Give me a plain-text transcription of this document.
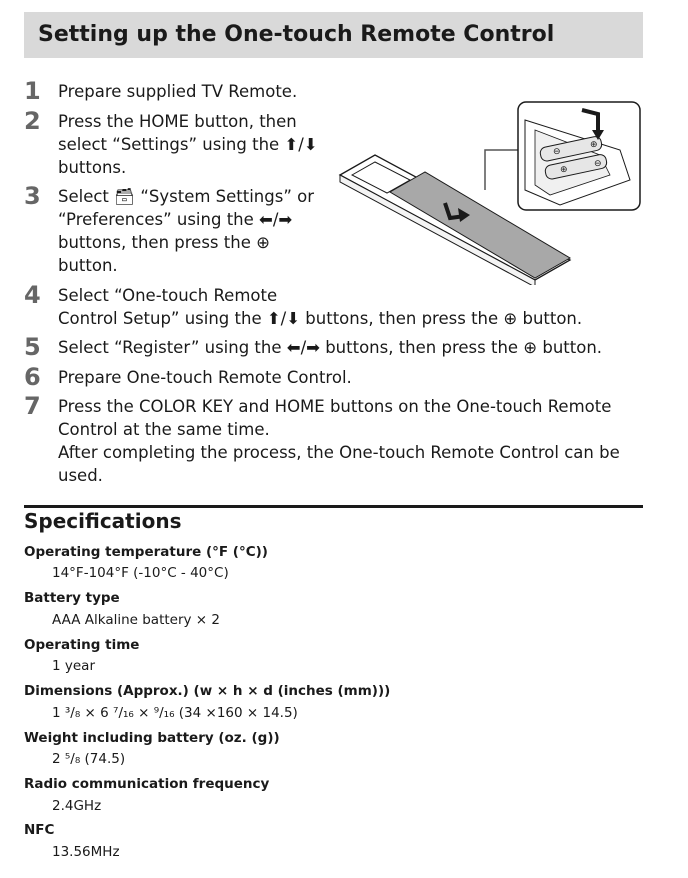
Setting up the One-touch Remote Control
1	Prepare supplied TV Remote.
2	Press the HOME button, then
select “Settings” using the ⬆/⬇
buttons.
3	Select 🗃 “System Settings” or
“Preferences” using the ⬅/➡
buttons, then press the ⊕
button.
4	Select “One-touch Remote
Control Setup” using the ⬆/⬇ buttons, then press the ⊕ button.
5	Select “Register” using the ⬅/➡ buttons, then press the ⊕ button.
6	Prepare One-touch Remote Control.
7	Press the COLOR KEY and HOME buttons on the One-touch Remote
Control at the same time.
After completing the process, the One-touch Remote Control can be
used.
⊖
⊕
⊕
⊖
Specifications
Operating temperature (°F (°C))
14°F-104°F (-10°C - 40°C)
Battery type
AAA Alkaline battery × 2
Operating time
1 year
Dimensions (Approx.) (w × h × d (inches (mm)))
1 ³/₈ × 6 ⁷/₁₆ × ⁹/₁₆ (34 ×160 × 14.5)
Weight including battery (oz. (g))
2 ⁵/₈ (74.5)
Radio communication frequency
2.4GHz
NFC
13.56MHz
